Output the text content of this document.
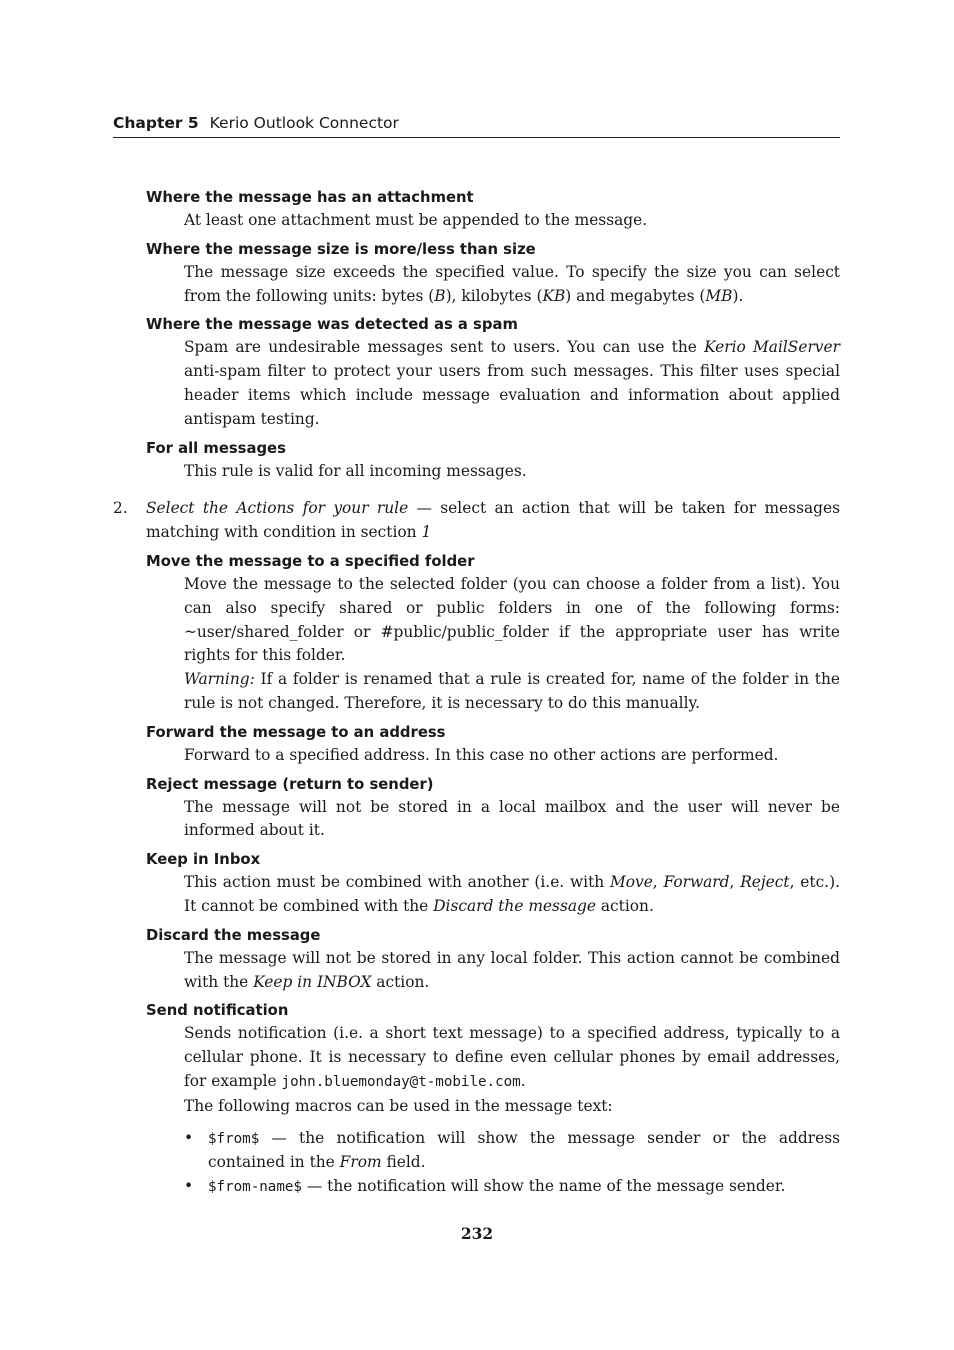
Chapter 5 Kerio Outlook Connector
Where the message has an attachment
At least one attachment must be appended to the message.
Where the message size is more/less than size
The message size exceeds the specified value. To specify the size you can select from the following units: bytes (B), kilobytes (KB) and megabytes (MB).
Where the message was detected as a spam
Spam are undesirable messages sent to users. You can use the Kerio MailServer anti-spam filter to protect your users from such messages. This filter uses special header items which include message evaluation and information about applied antispam testing.
For all messages
This rule is valid for all incoming messages.
2. Select the Actions for your rule — select an action that will be taken for messages matching with condition in section 1
Move the message to a specified folder
Move the message to the selected folder (you can choose a folder from a list). You can also specify shared or public folders in one of the following forms: ~user/shared_folder or #public/public_folder if the appropriate user has write rights for this folder.
Warning: If a folder is renamed that a rule is created for, name of the folder in the rule is not changed. Therefore, it is necessary to do this manually.
Forward the message to an address
Forward to a specified address. In this case no other actions are performed.
Reject message (return to sender)
The message will not be stored in a local mailbox and the user will never be informed about it.
Keep in Inbox
This action must be combined with another (i.e. with Move, Forward, Reject, etc.). It cannot be combined with the Discard the message action.
Discard the message
The message will not be stored in any local folder. This action cannot be combined with the Keep in INBOX action.
Send notification
Sends notification (i.e. a short text message) to a specified address, typically to a cellular phone. It is necessary to define even cellular phones by email addresses, for example john.bluemonday@t-mobile.com.
The following macros can be used in the message text:
• $from$ — the notification will show the message sender or the address contained in the From field.
• $from-name$ — the notification will show the name of the message sender.
232
